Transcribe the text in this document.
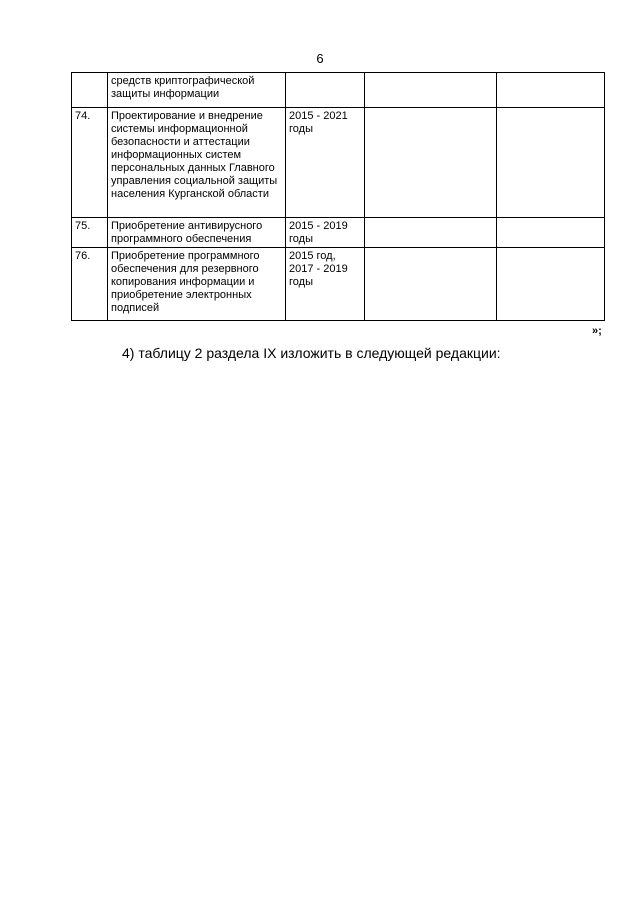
6
	средств криптографической защиты информации			
74.	Проектирование и внедрение системы информационной безопасности и аттестации информационных систем персональных данных Главного управления социальной защиты населения Курганской области	2015 - 2021 годы		
75.	Приобретение антивирусного программного обеспечения	2015 - 2019 годы		
76.	Приобретение программного обеспечения для резервного копирования информации и приобретение электронных подписей	2015 год, 2017 - 2019 годы		
»;
4) таблицу 2 раздела IX изложить в следующей редакции:
